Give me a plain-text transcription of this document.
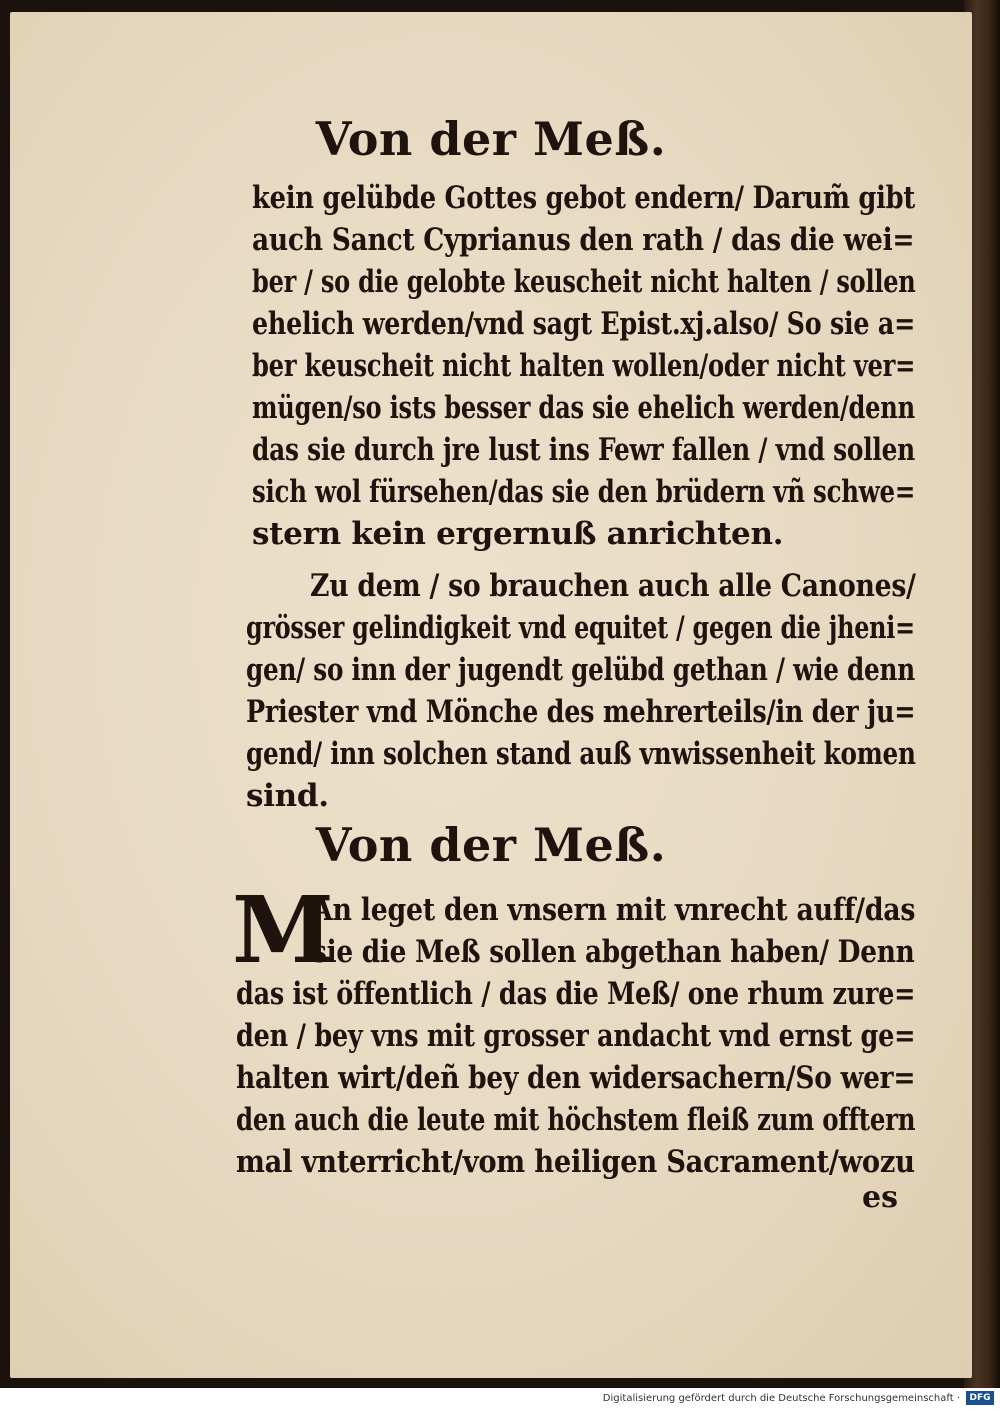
Von der Meß.
kein gelübde Gottes gebot endern/ Darum̃ gibt
auch Sanct Cyprianus den rath / das die wei=
ber / so die gelobte keuscheit nicht halten / sollen
ehelich werden/vnd sagt Epist.xj.also/ So sie a=
ber keuscheit nicht halten wollen/oder nicht ver=
mügen/so ists besser das sie ehelich werden/denn
das sie durch jre lust ins Fewr fallen / vnd sollen
sich wol fürsehen/das sie den brüdern vñ schwe=
stern kein ergernuß anrichten.
Zu dem / so brauchen auch alle Canones/
grösser gelindigkeit vnd equitet / gegen die jheni=
gen/ so inn der jugendt gelübd gethan / wie denn
Priester vnd Mönche des mehrerteils/in der ju=
gend/ inn solchen stand auß vnwissenheit komen
sind.
Von der Meß.
M
An leget den vnsern mit vnrecht auff/das
sie die Meß sollen abgethan haben/ Denn
das ist öffentlich / das die Meß/ one rhum zure=
den / bey vns mit grosser andacht vnd ernst ge=
halten wirt/deñ bey den widersachern/So wer=
den auch die leute mit höchstem fleiß zum offtern
mal vnterricht/vom heiligen Sacrament/wozu
es
Digitalisierung gefördert durch die Deutsche Forschungsgemeinschaft ·	DFG
